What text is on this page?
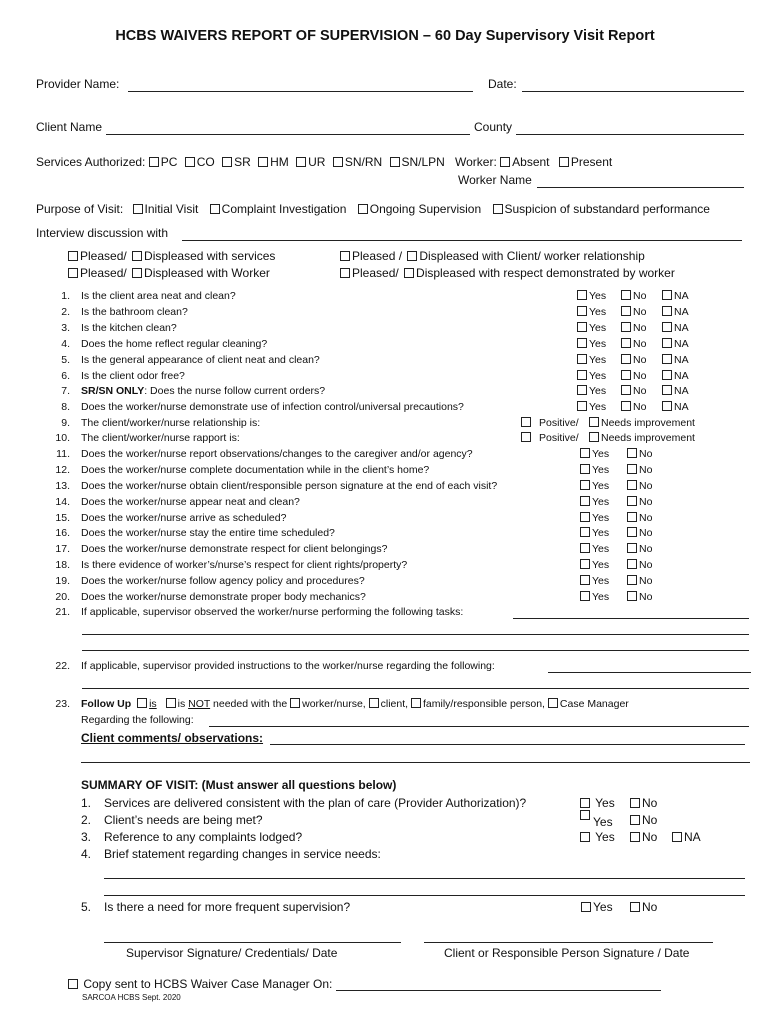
HCBS WAIVERS REPORT OF SUPERVISION – 60 Day Supervisory Visit Report
Provider Name:	Date:
Client Name	County
Services Authorized: PC CO SR HM UR SN/RN SN/LPN Worker: Absent Present
Worker Name
Purpose of Visit: Initial Visit Complaint Investigation Ongoing Supervision Suspicion of substandard performance
Interview discussion with
Pleased/ Displeased with services	Pleased / Displeased with Client/ worker relationship
Pleased/ Displeased with Worker	Pleased/ Displeased with respect demonstrated by worker
1. Is the client area neat and clean?	Yes	No	NA
2. Is the bathroom clean?	Yes	No	NA
3. Is the kitchen clean?	Yes	No	NA
4. Does the home reflect regular cleaning?	Yes	No	NA
5. Is the general appearance of client neat and clean?	Yes	No	NA
6. Is the client odor free?	Yes	No	NA
7. SR/SN ONLY: Does the nurse follow current orders?	Yes	No	NA
8. Does the worker/nurse demonstrate use of infection control/universal precautions?	Yes	No	NA
9. The client/worker/nurse relationship is:	Positive/	Needs improvement
10. The client/worker/nurse rapport is:	Positive/	Needs improvement
11. Does the worker/nurse report observations/changes to the caregiver and/or agency?	Yes	No
12. Does the worker/nurse complete documentation while in the client’s home?	Yes	No
13. Does the worker/nurse obtain client/responsible person signature at the end of each visit?	Yes	No
14. Does the worker/nurse appear neat and clean?	Yes	No
15. Does the worker/nurse arrive as scheduled?	Yes	No
16. Does the worker/nurse stay the entire time scheduled?	Yes	No
17. Does the worker/nurse demonstrate respect for client belongings?	Yes	No
18. Is there evidence of worker’s/nurse’s respect for client rights/property?	Yes	No
19. Does the worker/nurse follow agency policy and procedures?	Yes	No
20. Does the worker/nurse demonstrate proper body mechanics?	Yes	No
21. If applicable, supervisor observed the worker/nurse performing the following tasks:
22. If applicable, supervisor provided instructions to the worker/nurse regarding the following:
23. Follow Up is is NOT needed with the worker/nurse, client, family/responsible person, Case Manager
Regarding the following:
Client comments/ observations:
SUMMARY OF VISIT: (Must answer all questions below)
1. Services are delivered consistent with the plan of care (Provider Authorization)?	Yes	No
2. Client’s needs are being met?	Yes	No
3. Reference to any complaints lodged?	Yes	No	NA
4. Brief statement regarding changes in service needs:
5. Is there a need for more frequent supervision?	Yes	No
Supervisor Signature/ Credentials/ Date	Client or Responsible Person Signature / Date
Copy sent to HCBS Waiver Case Manager On:
SARCOA HCBS Sept. 2020
